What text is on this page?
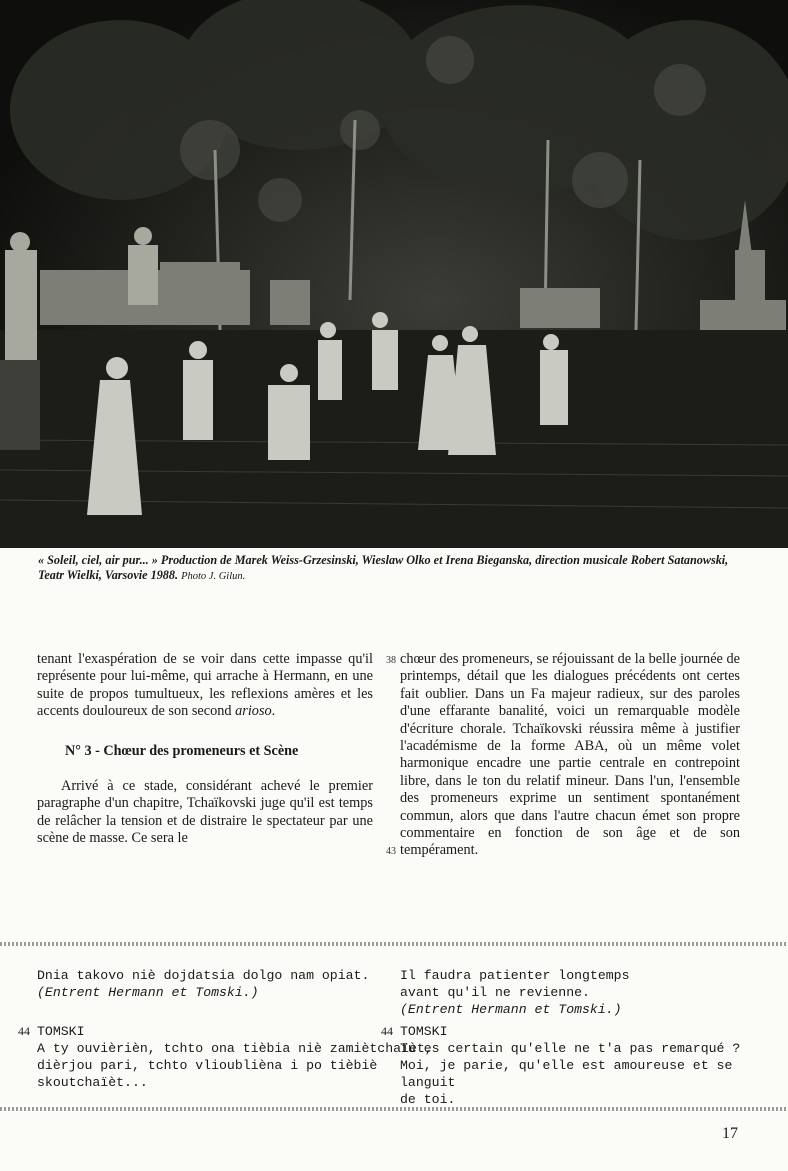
« Soleil, ciel, air pur... » Production de Marek Weiss-Grzesinski, Wieslaw Olko et Irena Bieganska, direction musicale Robert Satanowski, Teatr Wielki, Varsovie 1988. Photo J. Gilun.

tenant l'exaspération de se voir dans cette impasse qu'il représente pour lui-même, qui arrache à Hermann, en une suite de propos tumultueux, les reflexions amères et les accents douloureux de son second arioso.

N° 3 - Chœur des promeneurs et Scène

Arrivé à ce stade, considérant achevé le premier paragraphe d'un chapitre, Tchaïkovski juge qu'il est temps de relâcher la tension et de distraire le spectateur par une scène de masse. Ce sera le

38
43

chœur des promeneurs, se réjouissant de la belle journée de printemps, détail que les dialogues précédents ont certes fait oublier. Dans un Fa majeur radieux, sur des paroles d'une effarante banalité, voici un remarquable modèle d'écriture chorale. Tchaïkovski réussira même à justifier l'académisme de la forme ABA, où un même volet harmonique encadre une partie centrale en contrepoint libre, dans le ton du relatif mineur. Dans l'un, l'ensemble des promeneurs exprime un sentiment spontanément commun, alors que dans l'autre chacun émet son propre commentaire en fonction de son âge et de son tempérament.

Dnia takovo niè dojdatsia dolgo nam opiat.
(Entrent Hermann et Tomski.)
Il faudra patienter longtemps
avant qu'il ne revienne.
(Entrent Hermann et Tomski.)
44	44
TOMSKI
A ty ouvièrièn, tchto ona tièbia niè zamiètchaïèt,
dièrjou pari, tchto vlioublièna i po tièbiè
skoutchaïèt...
TOMSKI
Tu es certain qu'elle ne t'a pas remarqué ?
Moi, je parie, qu'elle est amoureuse et se languit
de toi.
17
